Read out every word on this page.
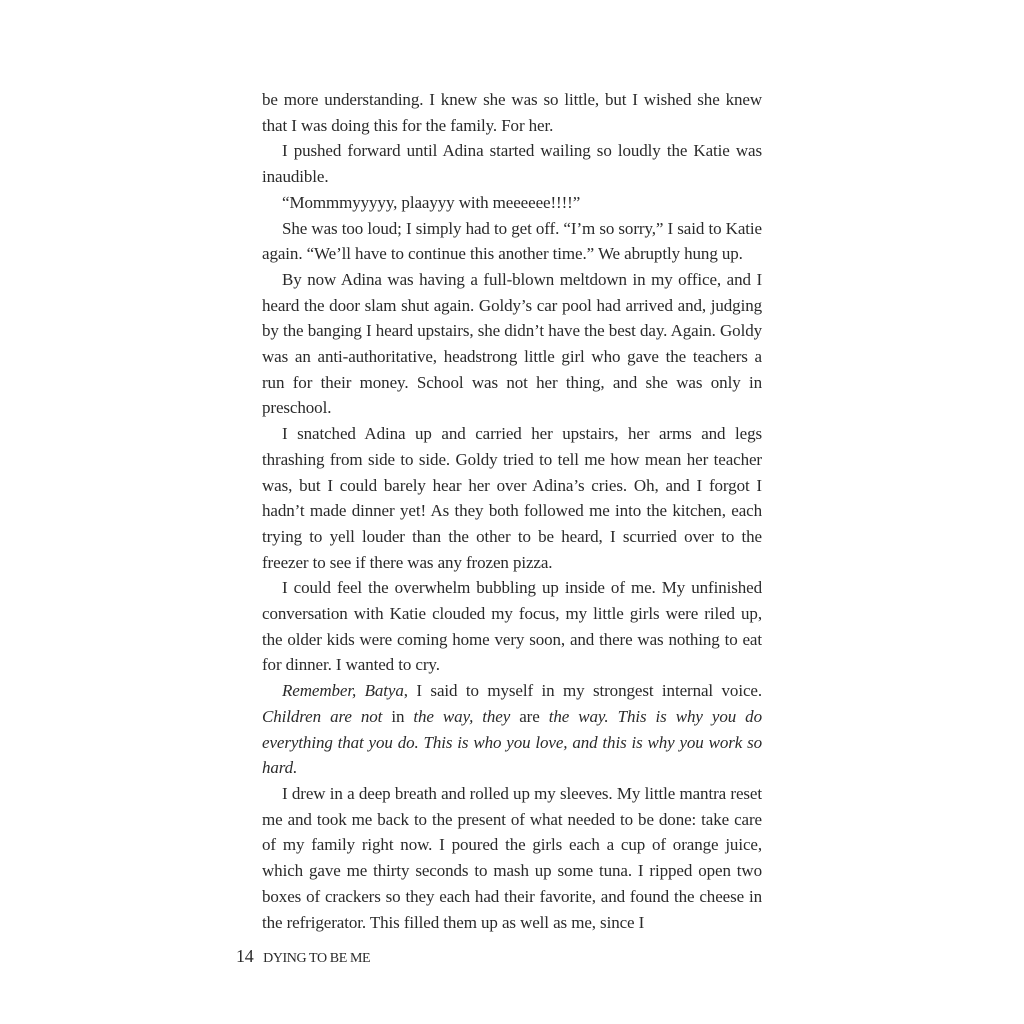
be more understanding. I knew she was so little, but I wished she knew that I was doing this for the family. For her.

I pushed forward until Adina started wailing so loudly the Katie was inaudible.

“Mommmyyyyy, plaayyy with meeeeee!!!!”

She was too loud; I simply had to get off. “I’m so sorry,” I said to Katie again. “We’ll have to continue this another time.” We abruptly hung up.

By now Adina was having a full-blown meltdown in my office, and I heard the door slam shut again. Goldy’s car pool had arrived and, judging by the banging I heard upstairs, she didn’t have the best day. Again. Goldy was an anti-authoritative, headstrong little girl who gave the teachers a run for their money. School was not her thing, and she was only in preschool.

I snatched Adina up and carried her upstairs, her arms and legs thrashing from side to side. Goldy tried to tell me how mean her teacher was, but I could barely hear her over Adina’s cries. Oh, and I forgot I hadn’t made dinner yet! As they both followed me into the kitchen, each trying to yell louder than the other to be heard, I scurried over to the freezer to see if there was any frozen pizza.

I could feel the overwhelm bubbling up inside of me. My unfinished conversation with Katie clouded my focus, my little girls were riled up, the older kids were coming home very soon, and there was nothing to eat for dinner. I wanted to cry.

Remember, Batya, I said to myself in my strongest internal voice. Children are not in the way, they are the way. This is why you do everything that you do. This is who you love, and this is why you work so hard.

I drew in a deep breath and rolled up my sleeves. My little mantra reset me and took me back to the present of what needed to be done: take care of my family right now. I poured the girls each a cup of orange juice, which gave me thirty seconds to mash up some tuna. I ripped open two boxes of crackers so they each had their favorite, and found the cheese in the refrigerator. This filled them up as well as me, since I

14 DYING TO BE ME
